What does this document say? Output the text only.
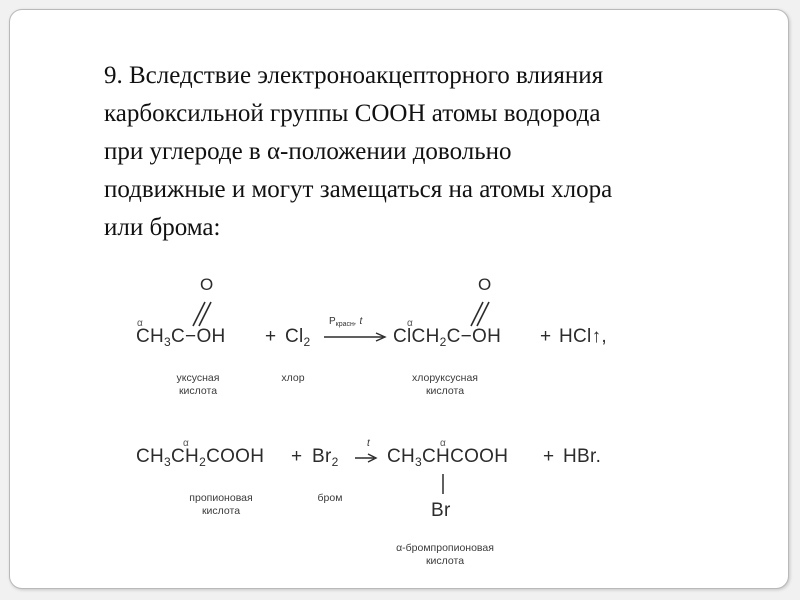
9. Вследствие электроноакцепторного влияния
карбоксильной группы СООН атомы водорода
при углероде в α-положении довольно
подвижные и могут замещаться на атомы хлора
или брома:
α
O
$CH_3C-OH + Cl_2$
$P_{красн}$, t	α
O
ClCH$_2$C−OH + HCl↑,
уксусная
кислота
хлор	хлоруксусная
кислота
α
$CH_3CH_2COOH + Br_2$
t	α
$CH_3CHCOOH$ + HBr.
Br
пропионовая
кислота
бром
α-бромпропионовая
кислота
